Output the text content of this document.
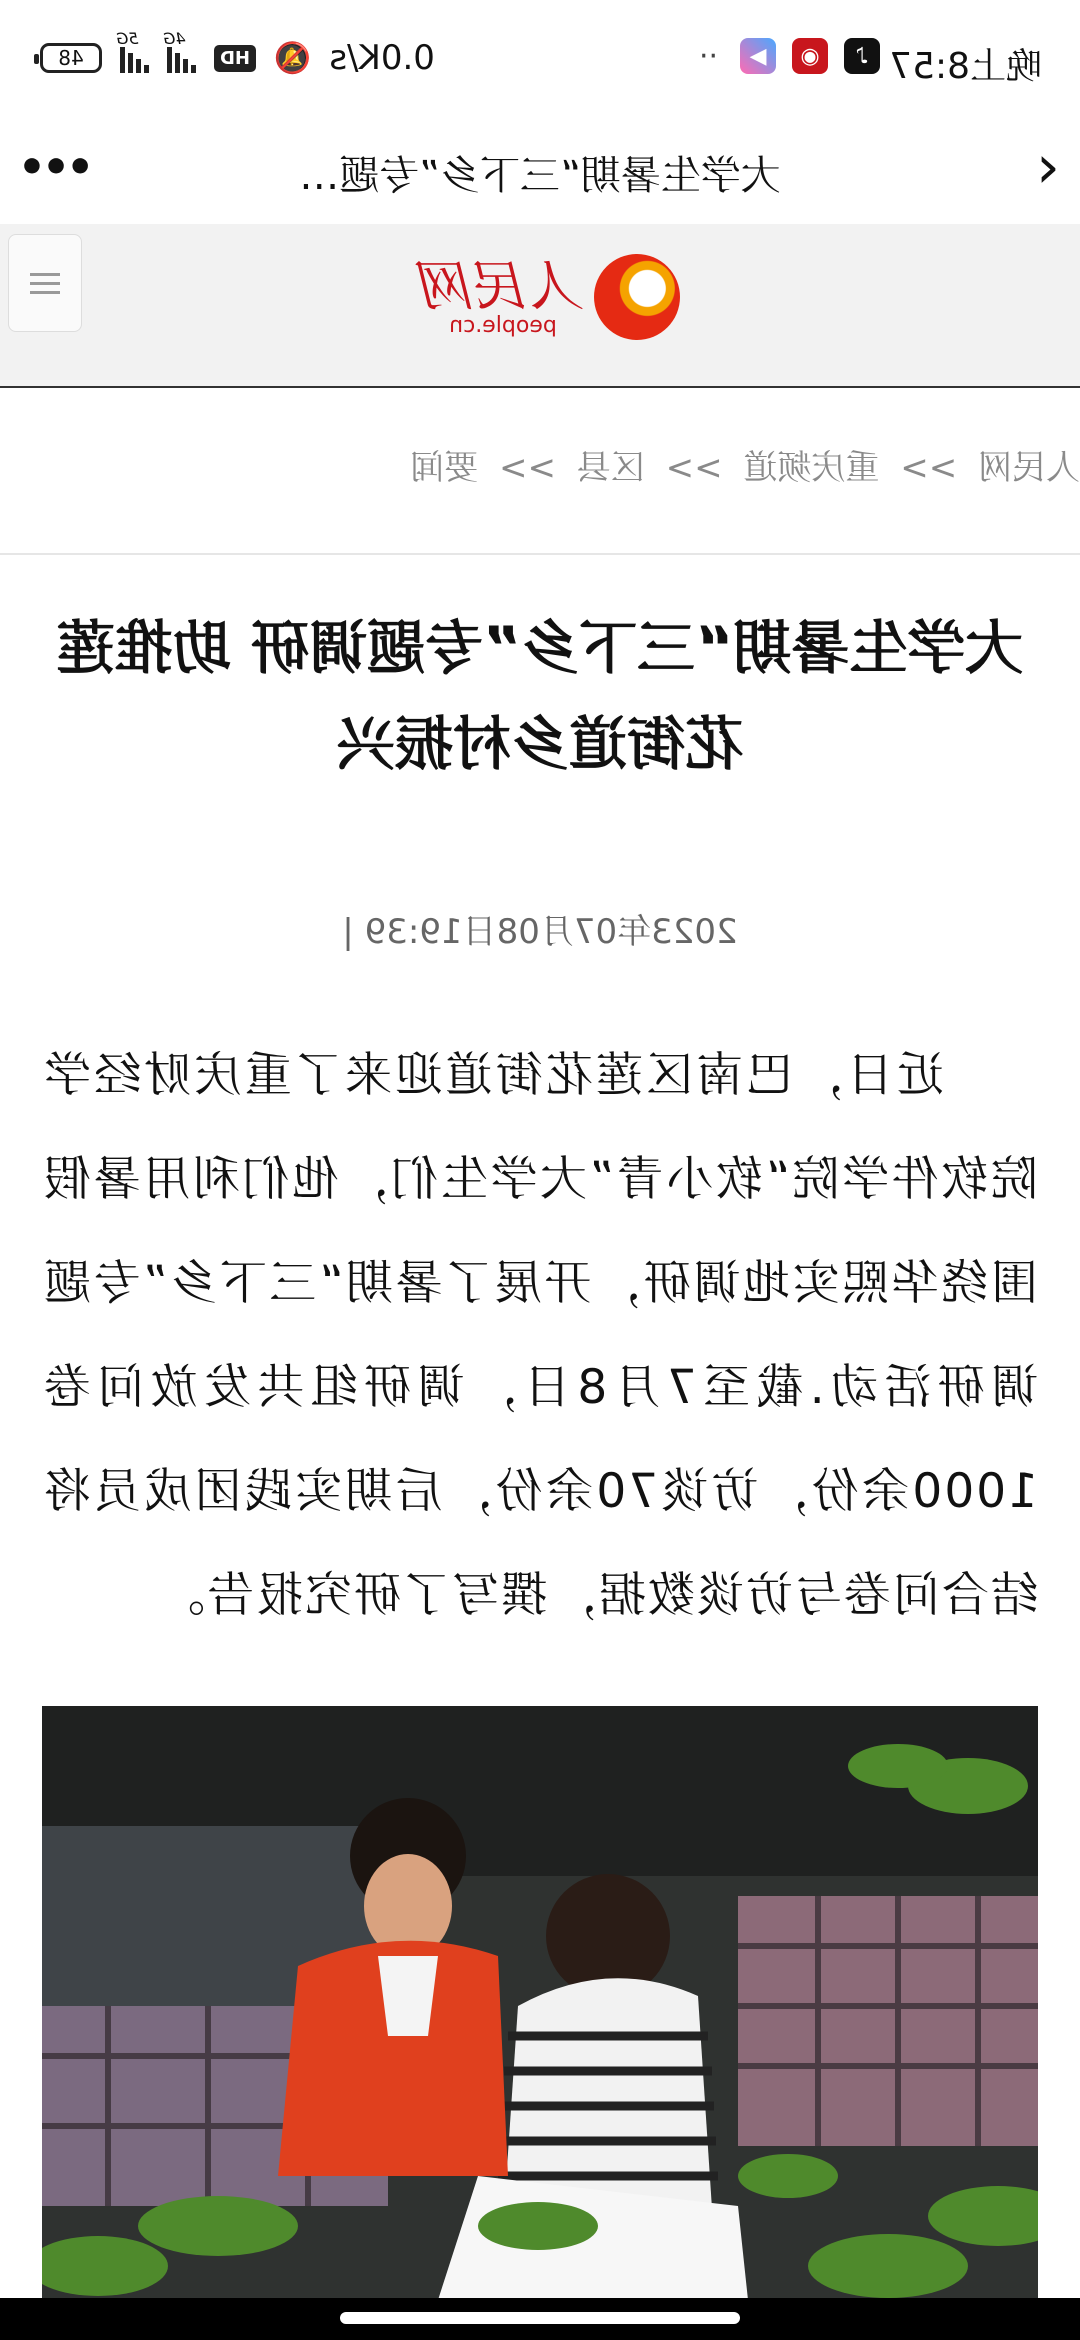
晚上8:57
♪
◉
▶
··
0.0K/s
🔕
HD
4G
5G
48
‹
大学生暑期“三下乡”专题…
•••
人民网
people.cn
人民网 >> 重庆频道 >> 区县 >> 要闻
大学生暑期“三下乡”专题调研 助推莲花街道乡村振兴
2023年07月08日19:39 |
近日，巴南区莲花街道迎来了重庆财经学院软件学院“软小青”大学生们，他们利用暑假围绕华熙实地调研，开展了暑期“三下乡”专题调研活动.截至7月8日，调研组共发放问卷1000余份，访谈70余份，后期实践团成员将结合问卷与访谈数据，撰写了研究报告。
